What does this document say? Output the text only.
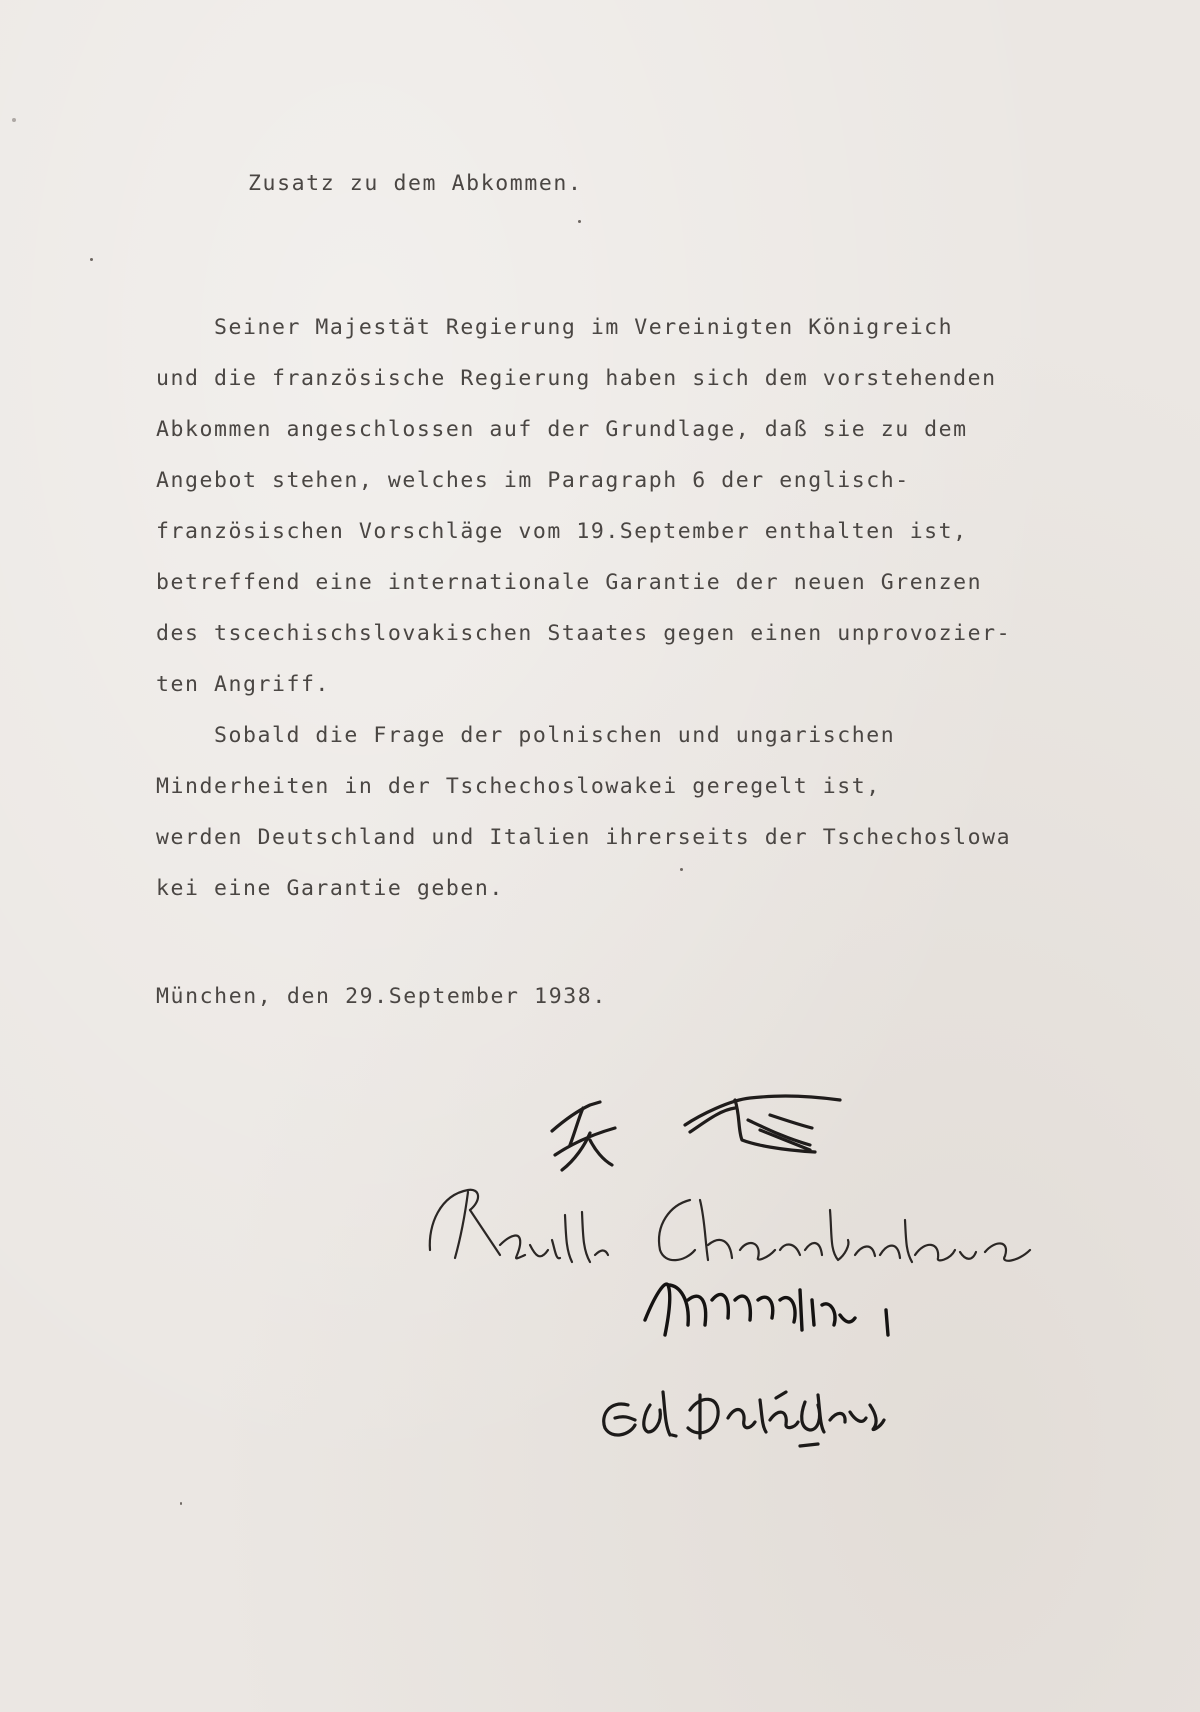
Zusatz zu dem Abkommen.
Seiner Majestät Regierung im Vereinigten Königreich
und die französische Regierung haben sich dem vorstehenden
Abkommen angeschlossen auf der Grundlage, daß sie zu dem
Angebot stehen, welches im Paragraph 6 der englisch-
französischen Vorschläge vom 19.September enthalten ist,
betreffend eine internationale Garantie der neuen Grenzen
des tscechischslovakischen Staates gegen einen unprovozier-
ten Angriff.
Sobald die Frage der polnischen und ungarischen
Minderheiten in der Tschechoslowakei geregelt ist,
werden Deutschland und Italien ihrerseits der Tschechoslowa
kei eine Garantie geben.
München, den 29.September 1938.
